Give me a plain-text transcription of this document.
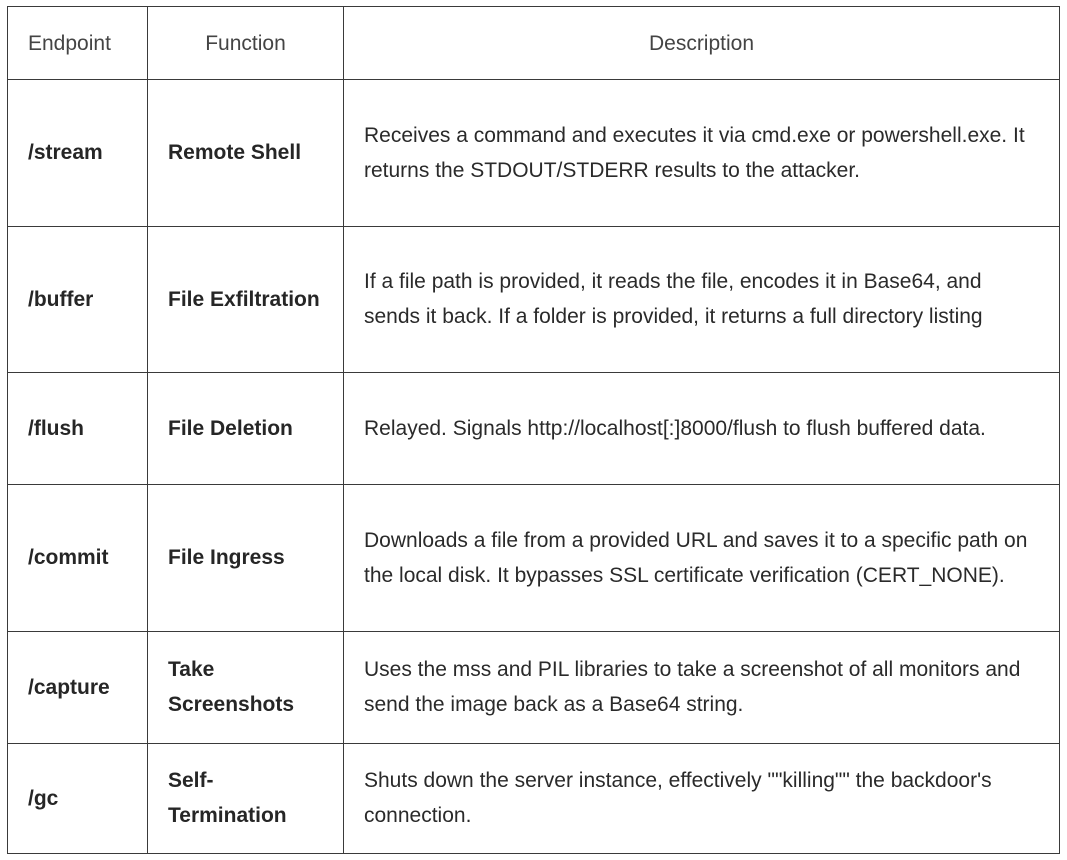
Endpoint	Function	Description
/stream	Remote Shell	Receives a command and executes it via cmd.exe or powershell.exe. It returns the STDOUT/STDERR results to the attacker.
/buffer	File Exfiltration	If a file path is provided, it reads the file, encodes it in Base64, and sends it back. If a folder is provided, it returns a full directory listing
/flush	File Deletion	Relayed. Signals http://localhost[:]8000/flush to flush buffered data.
/commit	File Ingress	Downloads a file from a provided URL and saves it to a specific path on the local disk. It bypasses SSL certificate verification (CERT_NONE).
/capture	Take Screenshots	Uses the mss and PIL libraries to take a screenshot of all monitors and send the image back as a Base64 string.
/gc	Self-Termination	Shuts down the server instance, effectively ""killing"" the backdoor's connection.
